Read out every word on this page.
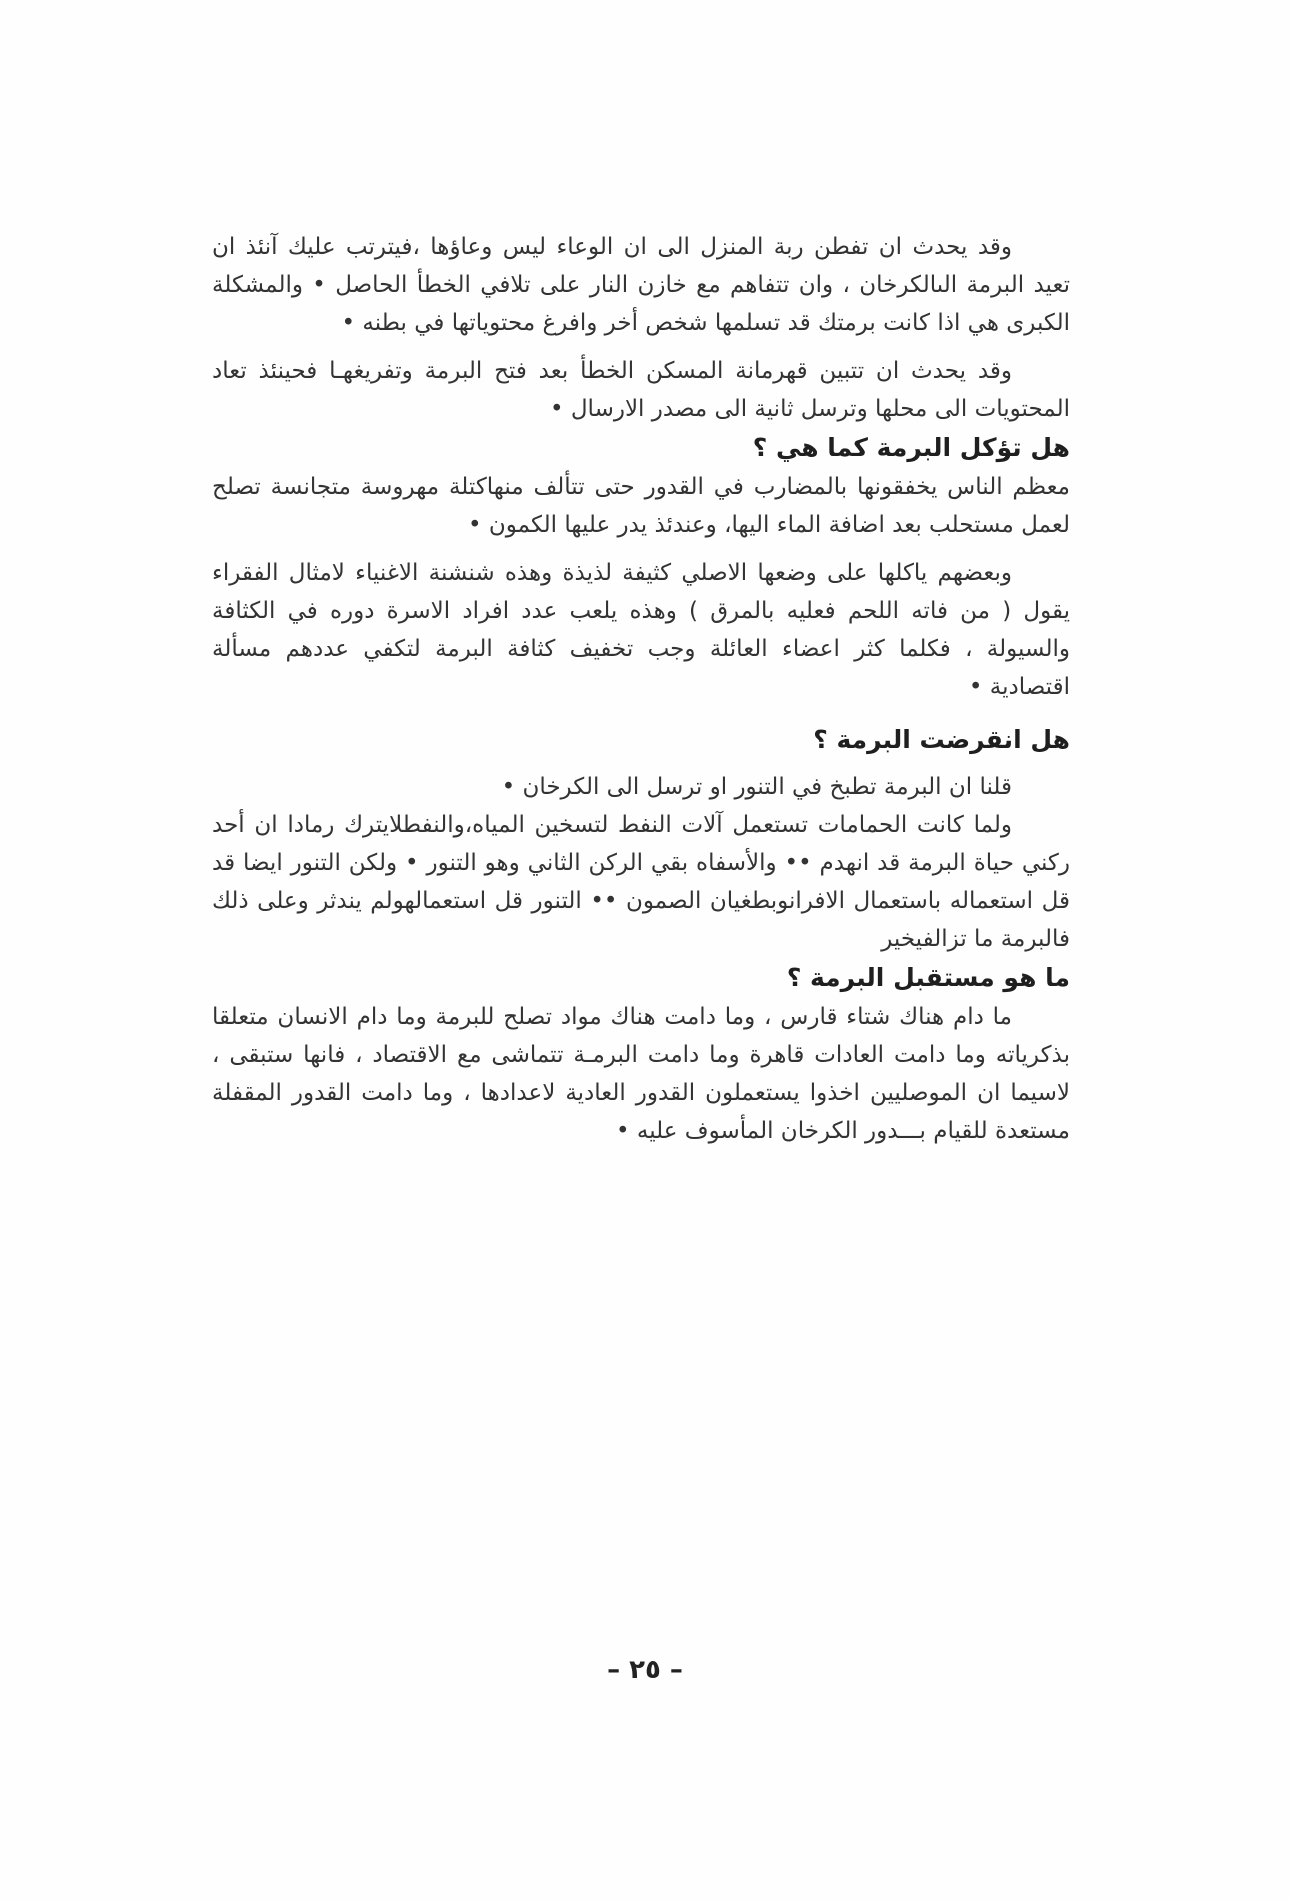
وقد يحدث ان تفطن ربة المنزل الى ان الوعاء ليس وعاؤها ،فيترتب عليك آنئذ ان تعيد البرمة الىالكرخان ، وان تتفاهم مع خازن النار على تلافي الخطأ الحاصل • والمشكلة الكبرى هي اذا كانت برمتك قد تسلمها شخص أخر وافرغ محتوياتها في بطنه •

وقد يحدث ان تتبين قهرمانة المسكن الخطأ بعد فتح البرمة وتفريغهـا فحينئذ تعاد المحتويات الى محلها وترسل ثانية الى مصدر الارسال •

هل تؤكل البرمة كما هي ؟

معظم الناس يخفقونها بالمضارب في القدور حتى تتألف منهاكتلة مهروسة متجانسة تصلح لعمل مستحلب بعد اضافة الماء اليها، وعندئذ يدر عليها الكمون •

وبعضهم ياكلها على وضعها الاصلي كثيفة لذيذة وهذه شنشنة الاغنياء لامثال الفقراء يقول ( من فاته اللحم فعليه بالمرق ) وهذه يلعب عدد افراد الاسرة دوره في الكثافة والسيولة ، فكلما كثر اعضاء العائلة وجب تخفيف كثافة البرمة لتكفي عددهم مسألة اقتصادية •

هل انقرضت البرمة ؟

قلنا ان البرمة تطبخ في التنور او ترسل الى الكرخان •

ولما كانت الحمامات تستعمل آلات النفط لتسخين المياه،والنفطلايترك رمادا ان أحد ركني حياة البرمة قد انهدم •• والأسفاه بقي الركن الثاني وهو التنور • ولكن التنور ايضا قد قل استعماله باستعمال الافرانوبطغيان الصمون •• التنور قل استعمالهولم يندثر وعلى ذلك فالبرمة ما تزالفيخير

ما هو مستقبل البرمة ؟

ما دام هناك شتاء قارس ، وما دامت هناك مواد تصلح للبرمة وما دام الانسان متعلقا بذكرياته وما دامت العادات قاهرة وما دامت البرمـة تتماشى مع الاقتصاد ، فانها ستبقى ، لاسيما ان الموصليين اخذوا يستعملون القدور العادية لاعدادها ، وما دامت القدور المقفلة مستعدة للقيام بـــدور الكرخان المأسوف عليه •

– ٢٥ –
